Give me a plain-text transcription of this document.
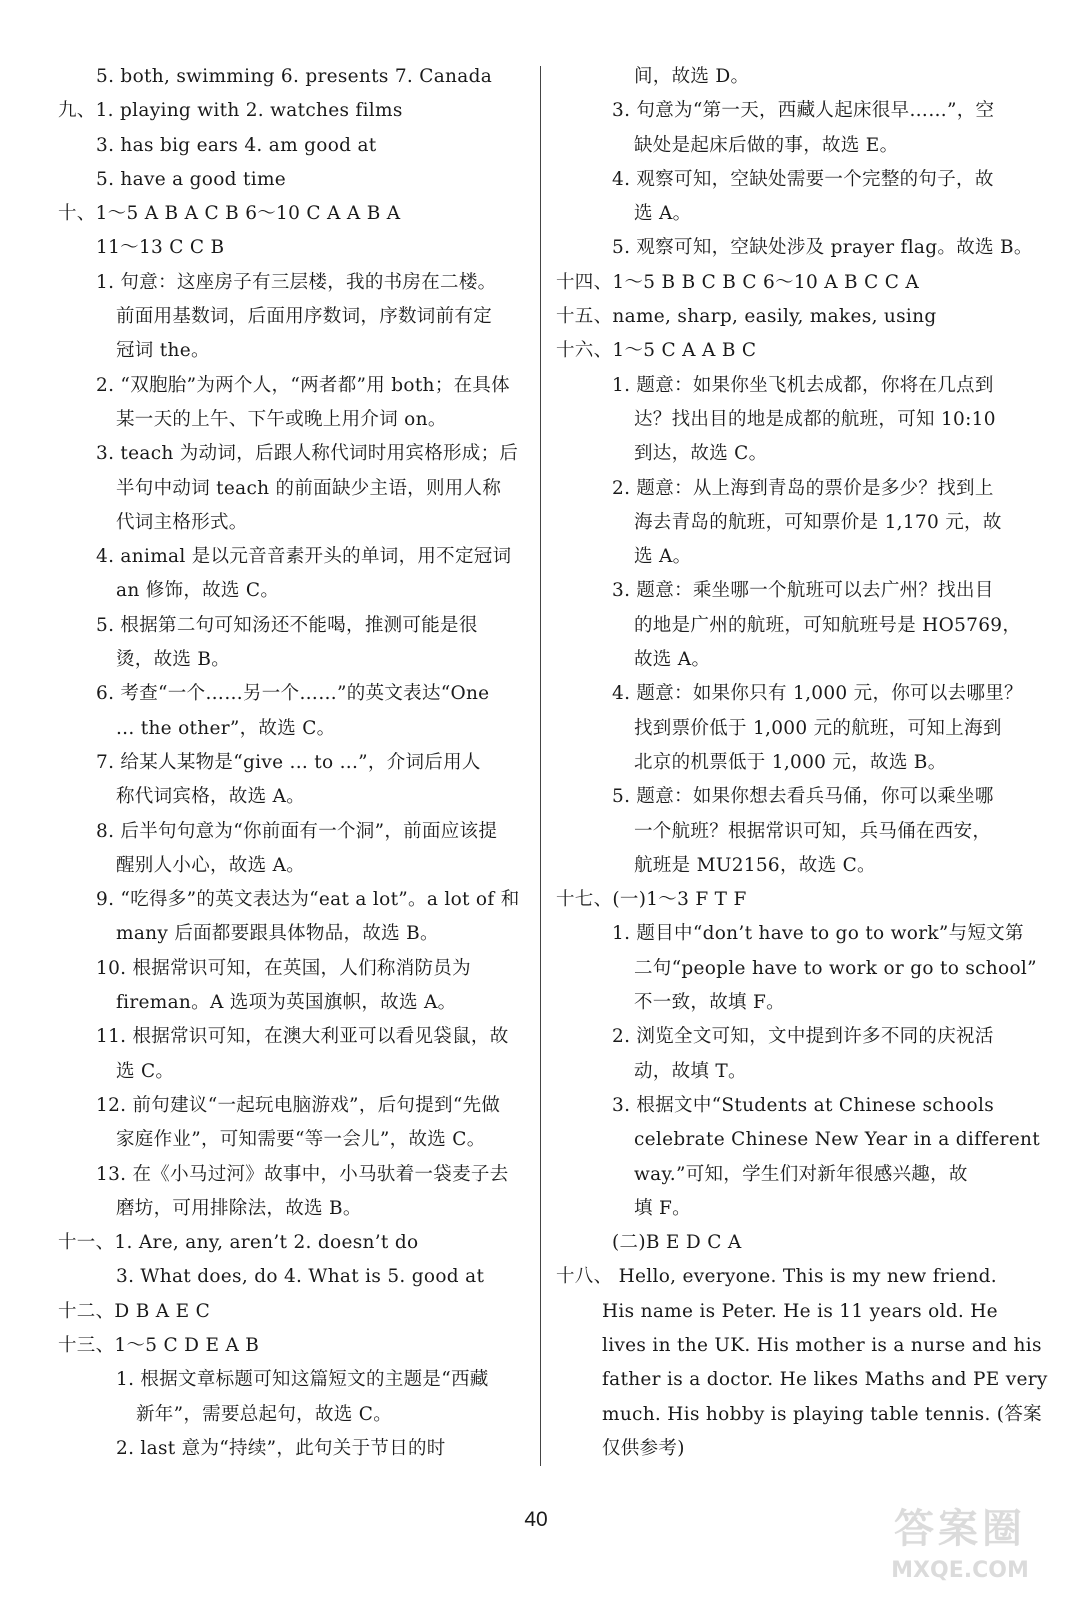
5. both, swimming 6. presents 7. Canada
九、1. playing with 2. watches films
3. has big ears 4. am good at
5. have a good time
十、1～5 A B A C B 6～10 C A A B A
11～13 C C B
1. 句意：这座房子有三层楼，我的书房在二楼。
前面用基数词，后面用序数词，序数词前有定
冠词 the。
2. “双胞胎”为两个人，“两者都”用 both；在具体
某一天的上午、下午或晚上用介词 on。
3. teach 为动词，后跟人称代词时用宾格形成；后
半句中动词 teach 的前面缺少主语，则用人称
代词主格形式。
4. animal 是以元音音素开头的单词，用不定冠词
an 修饰，故选 C。
5. 根据第二句可知汤还不能喝，推测可能是很
烫，故选 B。
6. 考查“一个……另一个……”的英文表达“One
... the other”，故选 C。
7. 给某人某物是“give ... to ...”，介词后用人
称代词宾格，故选 A。
8. 后半句句意为“你前面有一个洞”，前面应该提
醒别人小心，故选 A。
9. “吃得多”的英文表达为“eat a lot”。a lot of 和
many 后面都要跟具体物品，故选 B。
10. 根据常识可知，在英国，人们称消防员为
fireman。A 选项为英国旗帜，故选 A。
11. 根据常识可知，在澳大利亚可以看见袋鼠，故
选 C。
12. 前句建议“一起玩电脑游戏”，后句提到“先做
家庭作业”，可知需要“等一会儿”，故选 C。
13. 在《小马过河》故事中，小马驮着一袋麦子去
磨坊，可用排除法，故选 B。
十一、1. Are, any, aren’t 2. doesn’t do
3. What does, do 4. What is 5. good at
十二、D B A E C
十三、1～5 C D E A B
1. 根据文章标题可知这篇短文的主题是“西藏
新年”，需要总起句，故选 C。
2. last 意为“持续”，此句关于节日的时
间，故选 D。
3. 句意为“第一天，西藏人起床很早……”，空
缺处是起床后做的事，故选 E。
4. 观察可知，空缺处需要一个完整的句子，故
选 A。
5. 观察可知，空缺处涉及 prayer flag。故选 B。
十四、1～5 B B C B C 6～10 A B C C A
十五、name, sharp, easily, makes, using
十六、1～5 C A A B C
1. 题意：如果你坐飞机去成都，你将在几点到
达？找出目的地是成都的航班，可知 10:10
到达，故选 C。
2. 题意：从上海到青岛的票价是多少？找到上
海去青岛的航班，可知票价是 1,170 元，故
选 A。
3. 题意：乘坐哪一个航班可以去广州？找出目
的地是广州的航班，可知航班号是 HO5769，
故选 A。
4. 题意：如果你只有 1,000 元，你可以去哪里？
找到票价低于 1,000 元的航班，可知上海到
北京的机票低于 1,000 元，故选 B。
5. 题意：如果你想去看兵马俑，你可以乘坐哪
一个航班？根据常识可知，兵马俑在西安，
航班是 MU2156，故选 C。
十七、(一)1～3 F T F
1. 题目中“don’t have to go to work”与短文第
二句“people have to work or go to school”
不一致，故填 F。
2. 浏览全文可知，文中提到许多不同的庆祝活
动，故填 T。
3. 根据文中“Students at Chinese schools
celebrate Chinese New Year in a different
way.”可知，学生们对新年很感兴趣，故
填 F。
(二)B E D C A
十八、 Hello, everyone. This is my new friend.
His name is Peter. He is 11 years old. He
lives in the UK. His mother is a nurse and his
father is a doctor. He likes Maths and PE very
much. His hobby is playing table tennis. (答案
仅供参考)
40	答案圈
MXQE.COM
